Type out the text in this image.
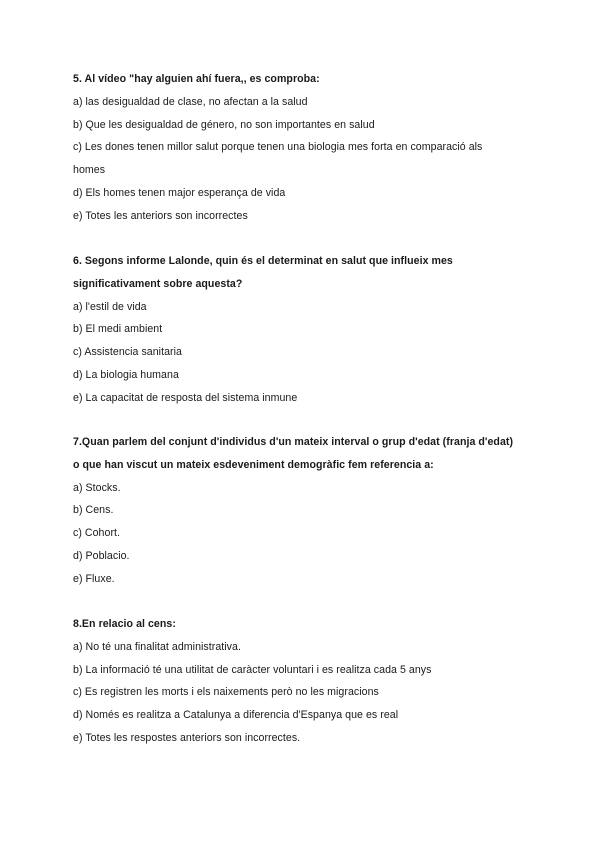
5. Al vídeo "hay alguien ahí fuera,, es comproba:
a) las desigualdad de clase, no afectan a la salud
b) Que les desigualdad de género, no son importantes en salud
c) Les dones tenen millor salut porque tenen una biologia mes forta en comparació als
homes
d) Els homes tenen major esperança de vida
e) Totes les anteriors son incorrectes
6. Segons informe Lalonde, quin és el determinat en salut que influeix mes
significativament sobre aquesta?
a) l'estil de vida
b) El medi ambient
c) Assistencia sanitaria
d) La biologia humana
e) La capacitat de resposta del sistema inmune
7.Quan parlem del conjunt d'individus d'un mateix interval o grup d'edat (franja d'edat)
o que han viscut un mateix esdeveniment demogràfic fem referencia a:
a) Stocks.
b) Cens.
c) Cohort.
d) Poblacio.
e) Fluxe.
8.En relacio al cens:
a) No té una finalitat administrativa.
b) La informació té una utilitat de caràcter voluntari i es realitza cada 5 anys
c) Es registren les morts i els naixements però no les migracions
d) Només es realitza a Catalunya a diferencia d'Espanya que es real
e) Totes les respostes anteriors son incorrectes.
